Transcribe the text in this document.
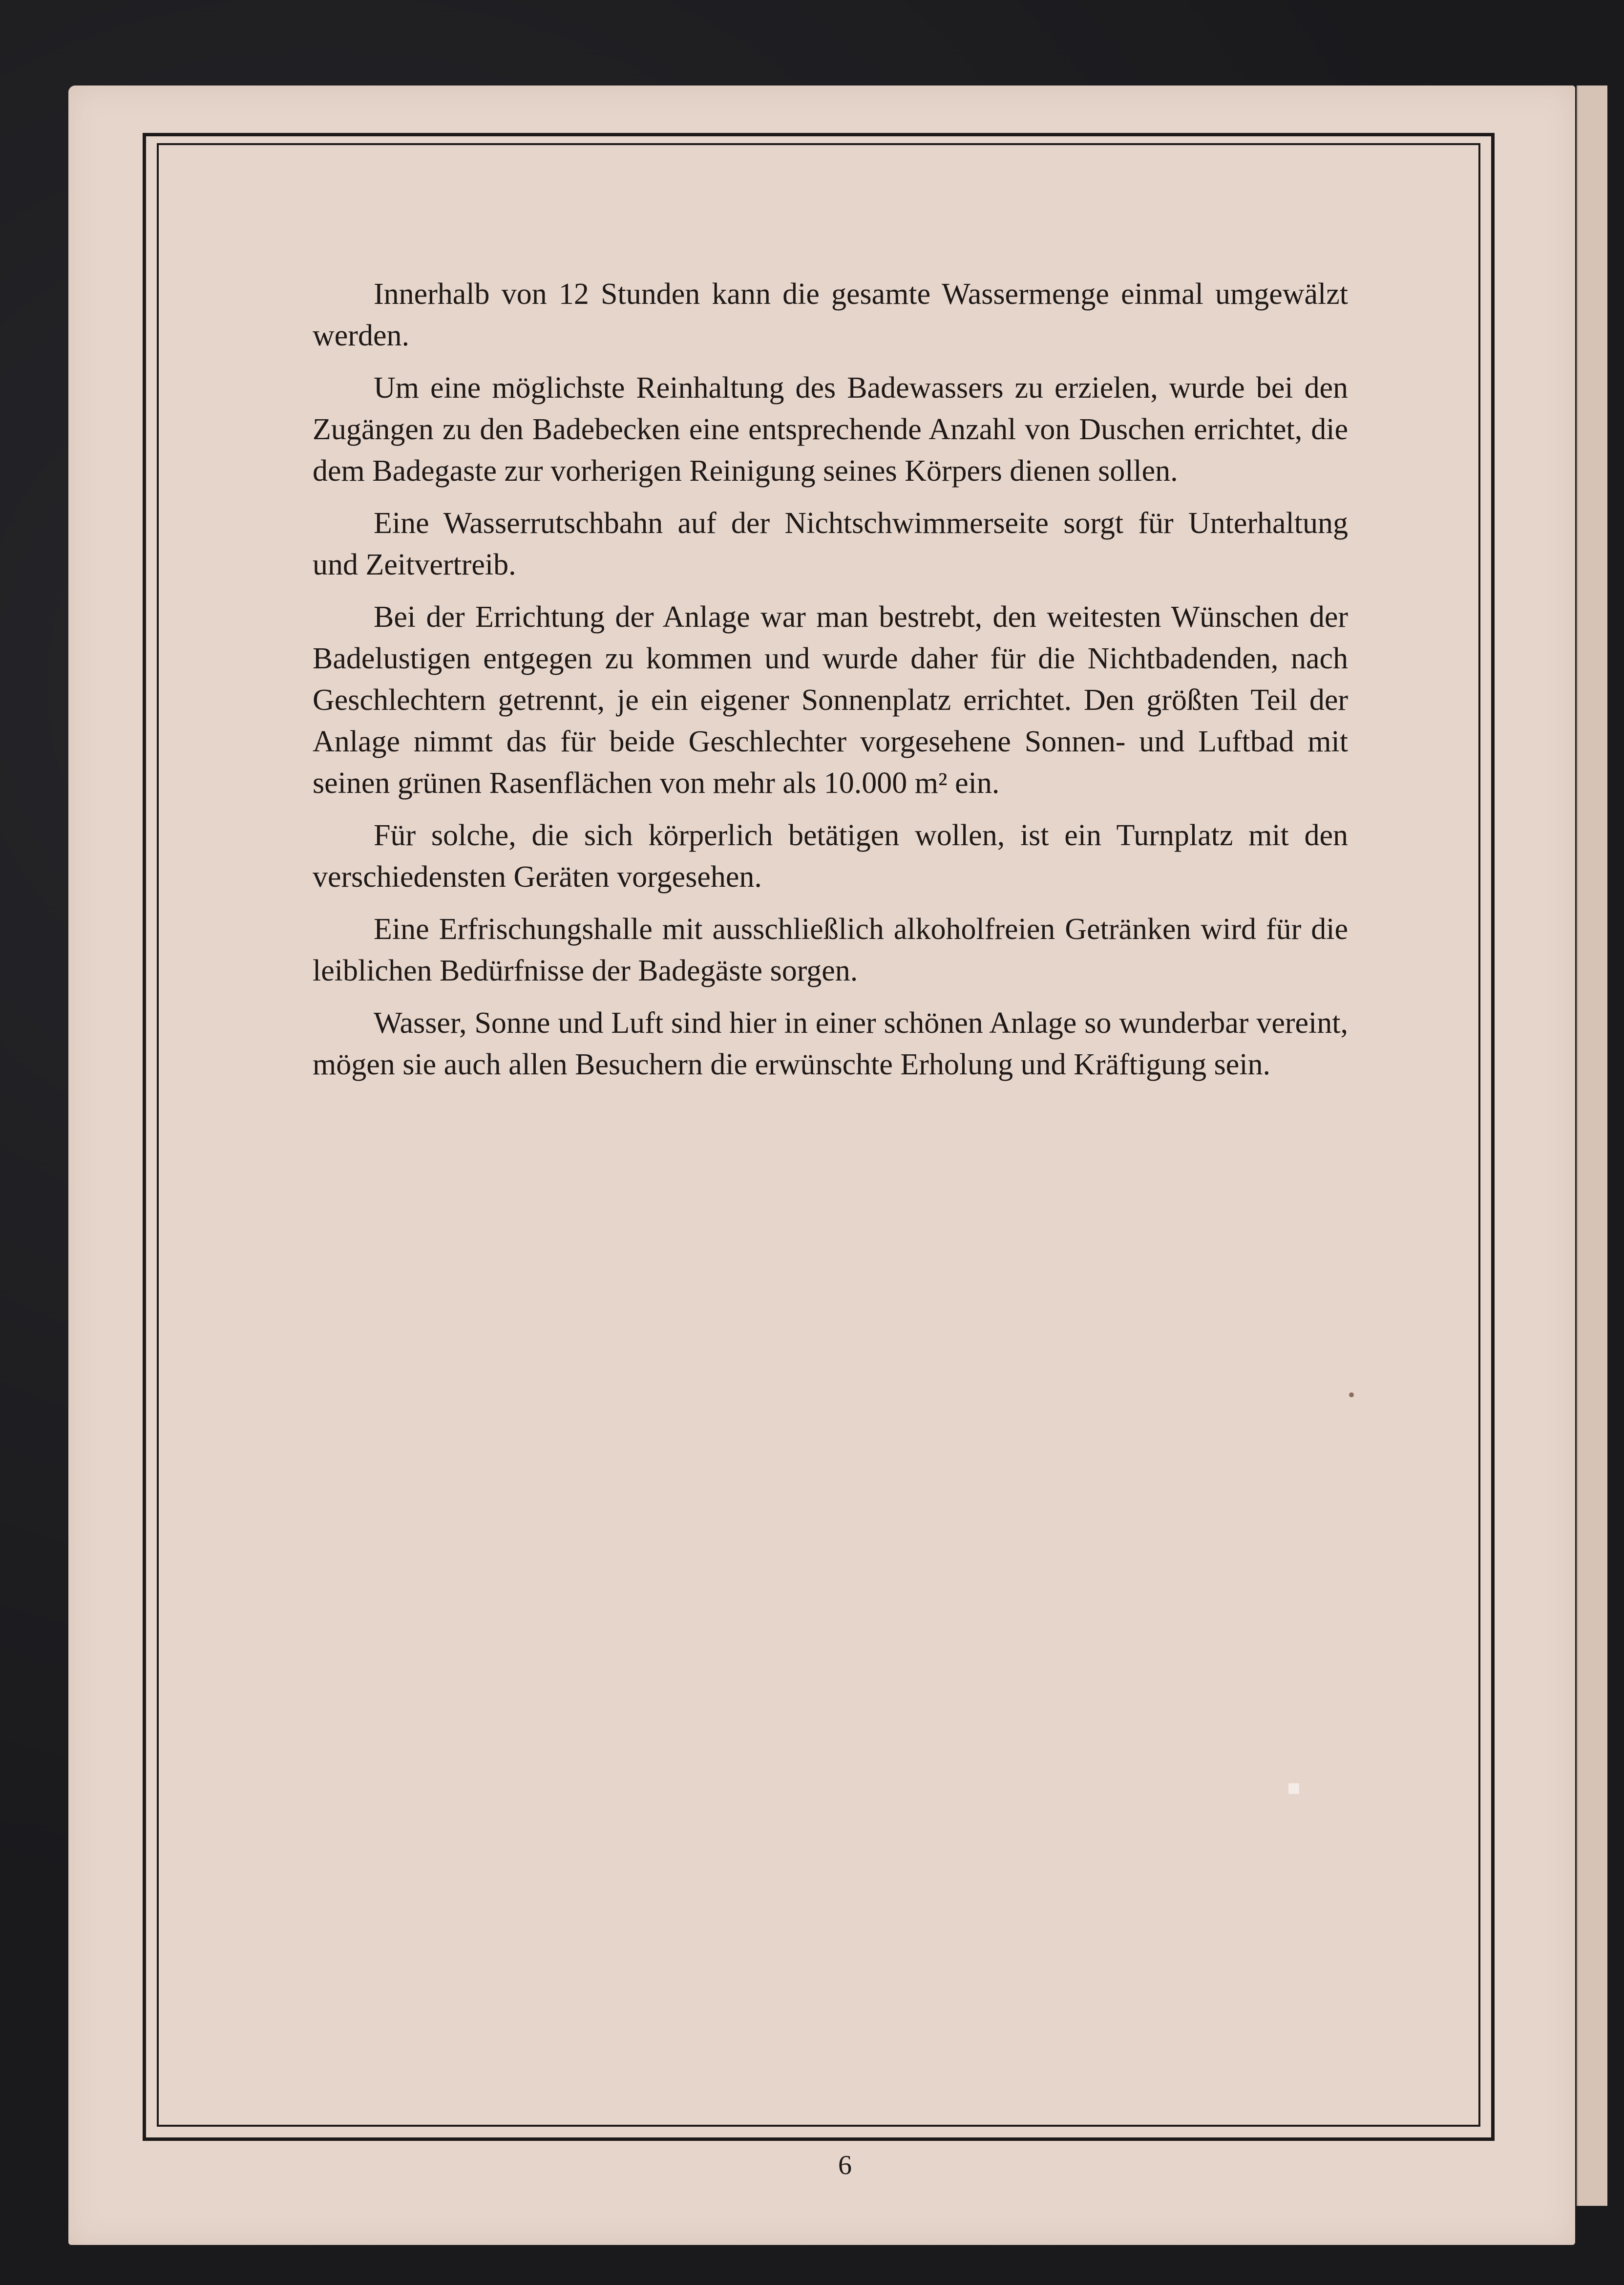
Innerhalb von 12 Stunden kann die gesamte Wassermenge einmal umgewälzt werden.

Um eine möglichste Reinhaltung des Badewassers zu erzielen, wurde bei den Zugängen zu den Badebecken eine entsprechende Anzahl von Duschen errichtet, die dem Badegaste zur vorherigen Reinigung seines Körpers dienen sollen.

Eine Wasserrutschbahn auf der Nichtschwimmerseite sorgt für Unterhaltung und Zeitvertreib.

Bei der Errichtung der Anlage war man bestrebt, den weitesten Wünschen der Badelustigen entgegen zu kommen und wurde daher für die Nichtbadenden, nach Geschlechtern getrennt, je ein eigener Sonnenplatz errichtet. Den größten Teil der Anlage nimmt das für beide Geschlechter vorgesehene Sonnen- und Luftbad mit seinen grünen Rasenflächen von mehr als 10.000 m² ein.

Für solche, die sich körperlich betätigen wollen, ist ein Turnplatz mit den verschiedensten Geräten vorgesehen.

Eine Erfrischungshalle mit ausschließlich alkoholfreien Getränken wird für die leiblichen Bedürfnisse der Badegäste sorgen.

Wasser, Sonne und Luft sind hier in einer schönen Anlage so wunderbar vereint, mögen sie auch allen Besuchern die erwünschte Erholung und Kräftigung sein.

6
